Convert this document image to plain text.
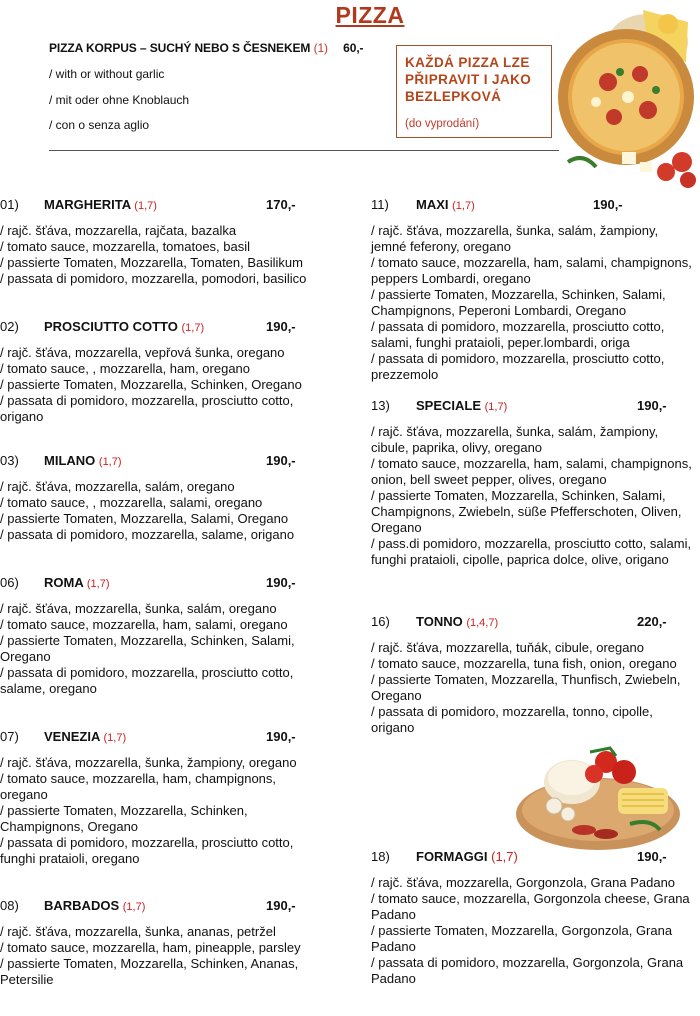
PIZZA
PIZZA KORPUS – SUCHÝ NEBO S ČESNEKEM (1) 60,-
/ with or without garlic
/ mit oder ohne Knoblauch
/ con o senza aglio
KAŽDÁ PIZZA LZE PŘIPRAVIT I JAKO BEZLEPKOVÁ
(do vyprodání)
01) MARGHERITA (1,7)	170,-
/ rajč. šťáva, mozzarella, rajčata, bazalka
/ tomato sauce, mozzarella, tomatoes, basil
/ passierte Tomaten, Mozzarella, Tomaten, Basilikum
/ passata di pomidoro, mozzarella, pomodori, basilico
02) PROSCIUTTO COTTO (1,7)	190,-
/ rajč. šťáva, mozzarella, vepřová šunka, oregano
/ tomato sauce, , mozzarella, ham, oregano
/ passierte Tomaten, Mozzarella, Schinken, Oregano
/ passata di pomidoro, mozzarella, prosciutto cotto, origano
03) MILANO (1,7)	190,-
/ rajč. šťáva, mozzarella, salám, oregano
/ tomato sauce, , mozzarella, salami, oregano
/ passierte Tomaten, Mozzarella, Salami, Oregano
/ passata di pomidoro, mozzarella, salame, origano
06) ROMA (1,7)	190,-
/ rajč. šťáva, mozzarella, šunka, salám, oregano
/ tomato sauce, mozzarella, ham, salami, oregano
/ passierte Tomaten, Mozzarella, Schinken, Salami, Oregano
/ passata di pomidoro, mozzarella, prosciutto cotto, salame, oregano
07) VENEZIA (1,7)	190,-
/ rajč. šťáva, mozzarella, šunka, žampiony, oregano
/ tomato sauce, mozzarella, ham, champignons, oregano
/ passierte Tomaten, Mozzarella, Schinken, Champignons, Oregano
/ passata di pomidoro, mozzarella, prosciutto cotto, funghi prataioli, oregano
08) BARBADOS (1,7)	190,-
/ rajč. šťáva, mozzarella, šunka, ananas, petržel
/ tomato sauce, mozzarella, ham, pineapple, parsley
/ passierte Tomaten, Mozzarella, Schinken, Ananas, Petersilie
11) MAXI (1,7)	190,-
/ rajč. šťáva, mozzarella, šunka, salám, žampiony, jemné feferony, oregano
/ tomato sauce, mozzarella, ham, salami, champignons, peppers Lombardi, oregano
/ passierte Tomaten, Mozzarella, Schinken, Salami, Champignons, Peperoni Lombardi, Oregano
/ passata di pomidoro, mozzarella, prosciutto cotto, salami, funghi prataioli, peper.lombardi, origa
/ passata di pomidoro, mozzarella, prosciutto cotto, prezzemolo
13) SPECIALE (1,7)	190,-
/ rajč. šťáva, mozzarella, šunka, salám, žampiony, cibule, paprika, olivy, oregano
/ tomato sauce, mozzarella, ham, salami, champignons, onion, bell sweet pepper, olives, oregano
/ passierte Tomaten, Mozzarella, Schinken, Salami, Champignons, Zwiebeln, süße Pfefferschoten, Oliven, Oregano
/ pass.di pomidoro, mozzarella, prosciutto cotto, salami, funghi prataioli, cipolle, paprica dolce, olive, origano
16) TONNO (1,4,7)	220,-
/ rajč. šťáva, mozzarella, tuňák, cibule, oregano
/ tomato sauce, mozzarella, tuna fish, onion, oregano
/ passierte Tomaten, Mozzarella, Thunfisch, Zwiebeln, Oregano
/ passata di pomidoro, mozzarella, tonno, cipolle, origano
18) FORMAGGI (1,7)	190,-
/ rajč. šťáva, mozzarella, Gorgonzola, Grana Padano
/ tomato sauce, mozzarella, Gorgonzola cheese, Grana Padano
/ passierte Tomaten, Mozzarella, Gorgonzola, Grana Padano
/ passata di pomidoro, mozzarella, Gorgonzola, Grana Padano
